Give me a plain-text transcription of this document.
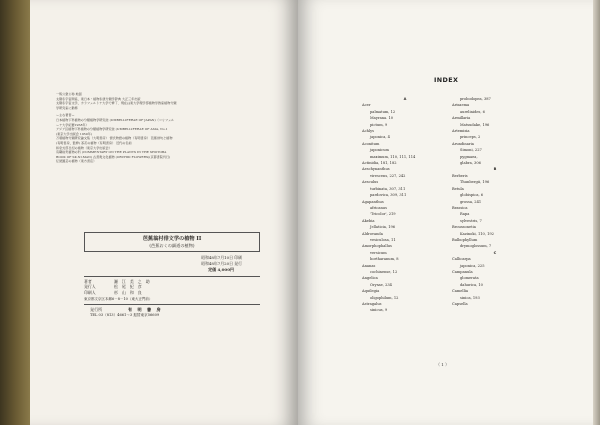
一般公衆公称 地図
太陽系宇宙関係，東日本・植物系統分類学辞典 大正三年出版
太陽系宇宙文学，カラフェルトナ大学で修了．現在は東大学理学部植物学教室植物分類
学研究室に勤務
ー主な著書ー
日本植物下科植物の分類植物学研究誌 (UMBELLIFERAE OF JAPAN)（コリフェル
ーナ大学紀要1958年）
アジア区植物下科植物の分類植物学研究誌 (UMBELLIFERAE OF ASIA, No.1
(東京大学出版会 1959年)
万葉植物分類研究論文集（大明書房） 源氏物語の植物（有明書房） 芭蕉俳句と植物
(有明書房，監修) 茶花の植物（有明書房） 近代の名前
和泉式部日記の植物（東京大学出版会）
有職故実植物の科 (COMMENTARY ON THE PLANTS IN THE SHOTOBA
BOOK OF SK.NI.MAN) 古書奥文化植物 (ORCHID FLOWERS)(京都書院刊行)
伝統園芸の植物（東方書店）
芭蕉翁村俳文学の植物 II
(芭蕉おくの細道の植物)
昭和48年7月10日 印刷
昭和48年7月20日 発行
定価 4,000円
著者	瀬 江 美 之 助
発行人	松 尾 紀 彦
印刷人	杉 山 和 良
東京都文京区本郷6－8－10（東大正門前）
発行所	有 明 書 房
TEL 03（813）4661～3 振替東京56609
INDEX
A
Acer
palmatum, 12
Mayrana. 10
pictum, 9
Achlys
japonica, 4
Aconitum
japonicum
maximum, 110, 111, 114
Actinidia, 181, 182
Aeschynanthus
virescens, 227, 242
Aesculus
turbinata, 307, 311
pardovica, 309, 311
Agapanthus
africanus
'Tricolor', 219
Akebia
Jellaticia, 196
Aldrovanda
vesiculosa, 11
Amorphophallus
versicum
hortharanum, 8
Ananas
cochinense, 12
Angelica
Orysae, 234
Aquilegia
oligophilum, 12
Astragalus
sinicus, 9
probodopea, 387
Arisaema
aurelinides, 6
Armillaria
Matsudake, 196
Artemisia
princeps, 2
Arundinaria
Simoni, 227
pygmaea,
glabra, 306
B
Berberis
Thunbergii, 196
Betula
globispica, 6
grossa, 241
Brassica
Rapa
sylvestris, 7
Broussonetia
Kazinoki, 110, 192
Bulbophyllum
drymoglossum, 7
C
Callicarpa
japonica, 225
Campanula
glomerata
dahurica, 10
Camellia
sinica, 193
Capsella
（ 1 ）
